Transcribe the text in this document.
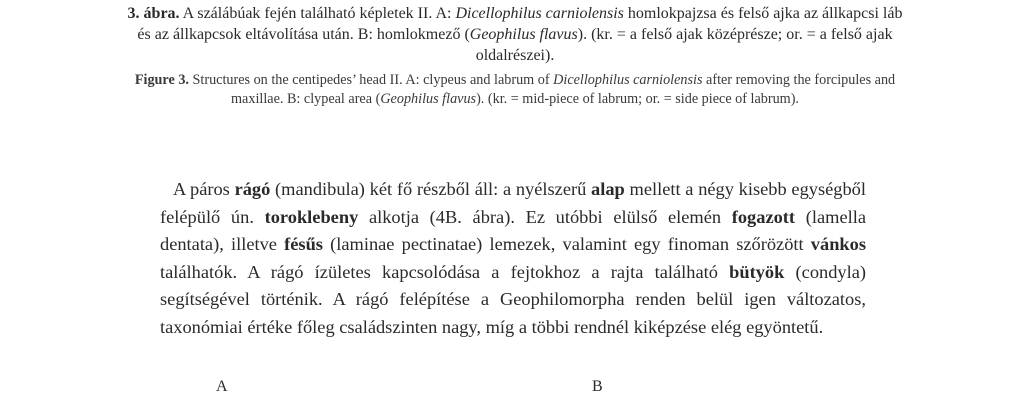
3. ábra. A szálábúak fején található képletek II. A: Dicellophilus carniolensis homlokpajzsa és felső ajka az állkapcsi láb és az állkapcsok eltávolítása után. B: homlokmező (Geophilus flavus). (kr. = a felső ajak középrésze; or. = a felső ajak oldalrészei).

Figure 3. Structures on the centipedes’ head II. A: clypeus and labrum of Dicellophilus carniolensis after removing the forcipules and maxillae. B: clypeal area (Geophilus flavus). (kr. = mid-piece of labrum; or. = side piece of labrum).

A páros rágó (mandibula) két fő részből áll: a nyélszerű alap mellett a négy kisebb egységből felépülő ún. toroklebeny alkotja (4B. ábra). Ez utóbbi elülső elemén fogazott (lamella dentata), illetve fésűs (laminae pectinatae) lemezek, valamint egy finoman szőrözött vánkos találhatók. A rágó ízületes kapcsolódása a fejtokhoz a rajta található bütyök (condyla) segítségével történik. A rágó felépítése a Geophilomorpha renden belül igen változatos, taxonómiai értéke főleg családszinten nagy, míg a többi rendnél kiképzése elég egyöntetű.

A	B
